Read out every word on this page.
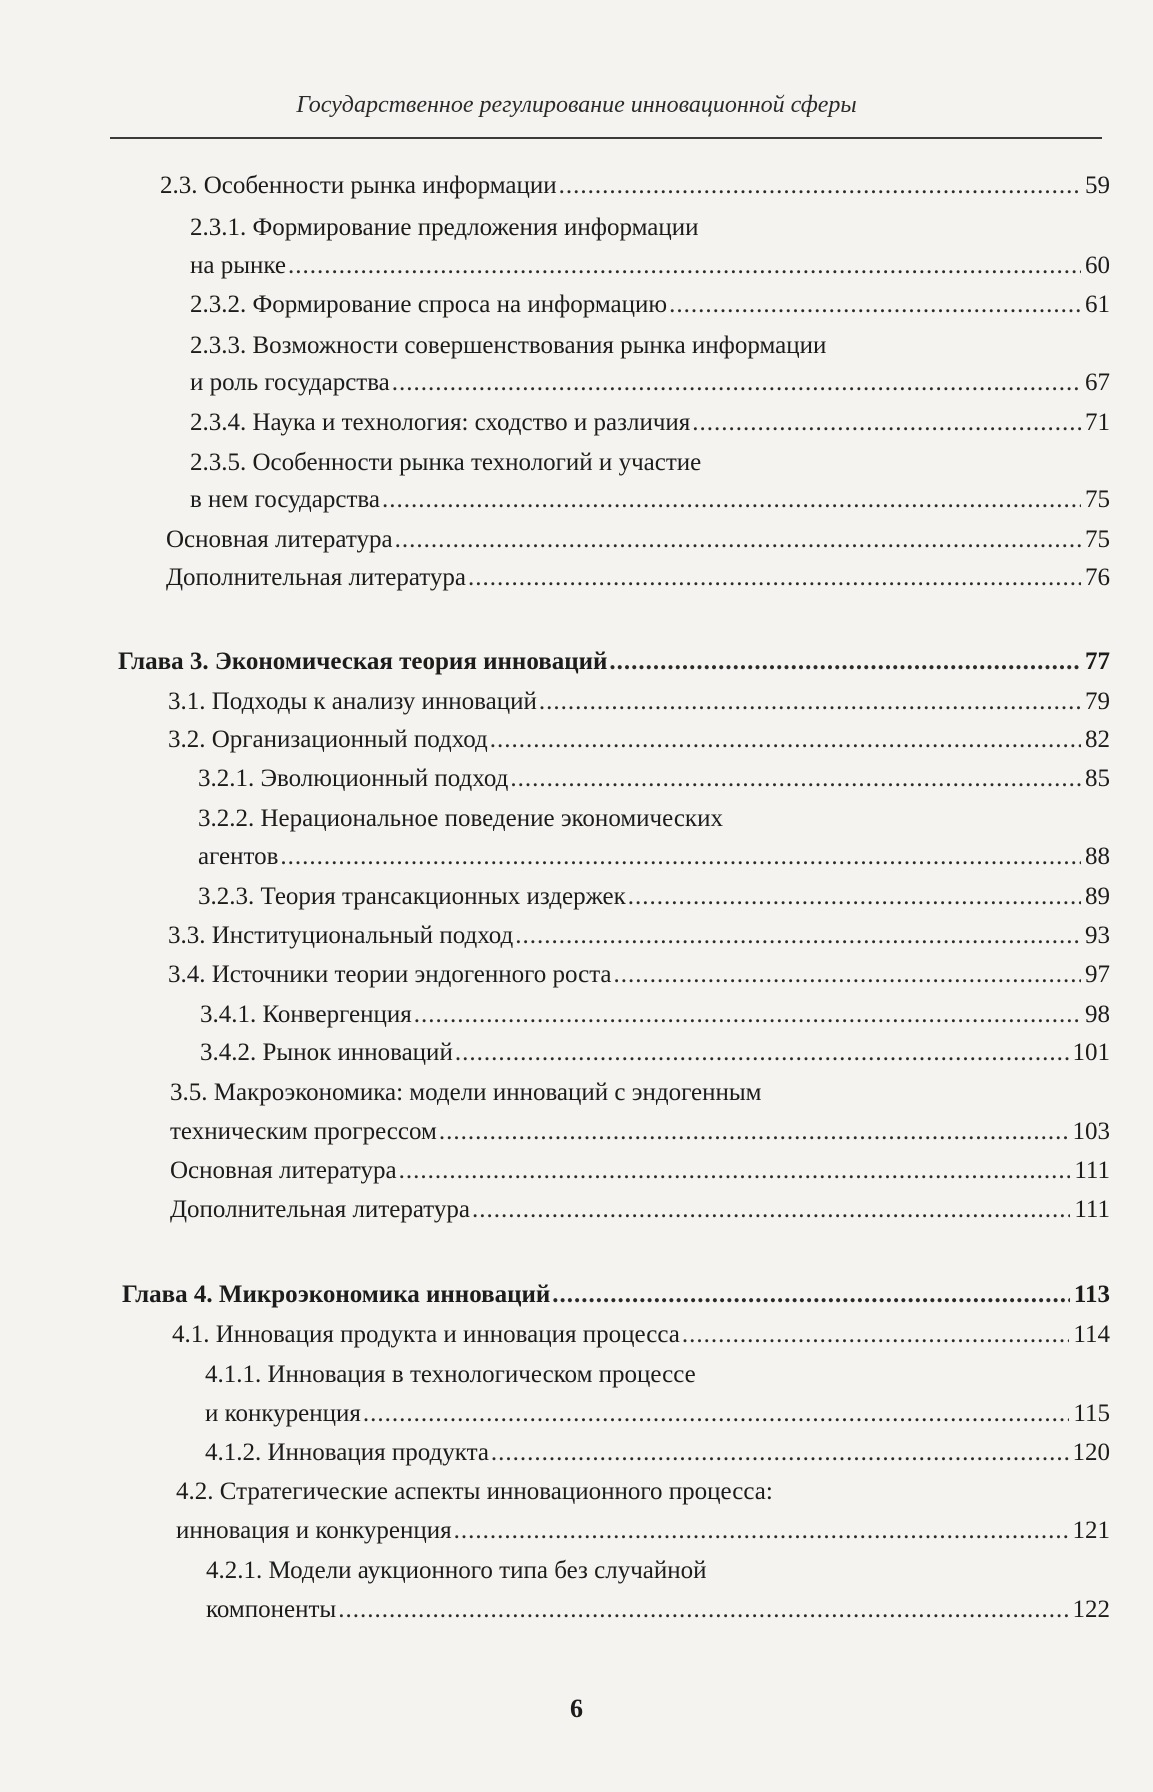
Государственное регулирование инновационной сферы
2.3. Особенности рынка информации .....	59
2.3.1. Формирование предложения информации
на рынке .....	60
2.3.2. Формирование спроса на информацию .....	61
2.3.3. Возможности совершенствования рынка информации
и роль государства .....	67
2.3.4. Наука и технология: сходство и различия .....	71
2.3.5. Особенности рынка технологий и участие
в нем государства .....	75
Основная литература .....	75
Дополнительная литература .....	76
Глава 3. Экономическая теория инноваций .....	77
3.1. Подходы к анализу инноваций .....	79
3.2. Организационный подход .....	82
3.2.1. Эволюционный подход .....	85
3.2.2. Нерациональное поведение экономических
агентов .....	88
3.2.3. Теория трансакционных издержек .....	89
3.3. Институциональный подход .....	93
3.4. Источники теории эндогенного роста .....	97
3.4.1. Конвергенция .....	98
3.4.2. Рынок инноваций .....	101
3.5. Макроэкономика: модели инноваций с эндогенным
техническим прогрессом .....	103
Основная литература .....	111
Дополнительная литература .....	111
Глава 4. Микроэкономика инноваций .....	113
4.1. Инновация продукта и инновация процесса .....	114
4.1.1. Инновация в технологическом процессе
и конкуренция .....	115
4.1.2. Инновация продукта .....	120
4.2. Стратегические аспекты инновационного процесса:
инновация и конкуренция .....	121
4.2.1. Модели аукционного типа без случайной
компоненты .....	122
6
